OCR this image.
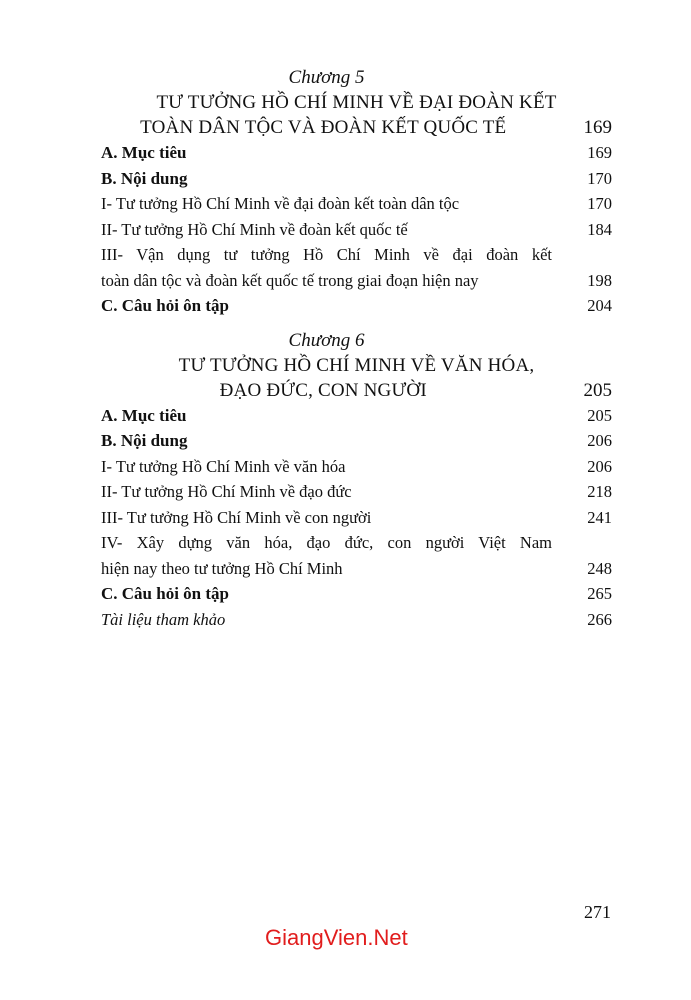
Chương 5
TƯ TƯỞNG HỒ CHÍ MINH VỀ ĐẠI ĐOÀN KẾT
TOÀN DÂN TỘC VÀ ĐOÀN KẾT QUỐC TẾ	169
A. Mục tiêu	169
B. Nội dung	170
I- Tư tưởng Hồ Chí Minh về đại đoàn kết toàn dân tộc	170
II- Tư tưởng Hồ Chí Minh về đoàn kết quốc tế	184
III- Vận dụng tư tưởng Hồ Chí Minh về đại đoàn kết
toàn dân tộc và đoàn kết quốc tế trong giai đoạn hiện nay	198
C. Câu hỏi ôn tập	204
Chương 6
TƯ TƯỞNG HỒ CHÍ MINH VỀ VĂN HÓA,
ĐẠO ĐỨC, CON NGƯỜI	205
A. Mục tiêu	205
B. Nội dung	206
I- Tư tưởng Hồ Chí Minh về văn hóa	206
II- Tư tưởng Hồ Chí Minh về đạo đức	218
III- Tư tưởng Hồ Chí Minh về con người	241
IV- Xây dựng văn hóa, đạo đức, con người Việt Nam
hiện nay theo tư tưởng Hồ Chí Minh	248
C. Câu hỏi ôn tập	265
Tài liệu tham khảo	266
271
GiangVien.Net
